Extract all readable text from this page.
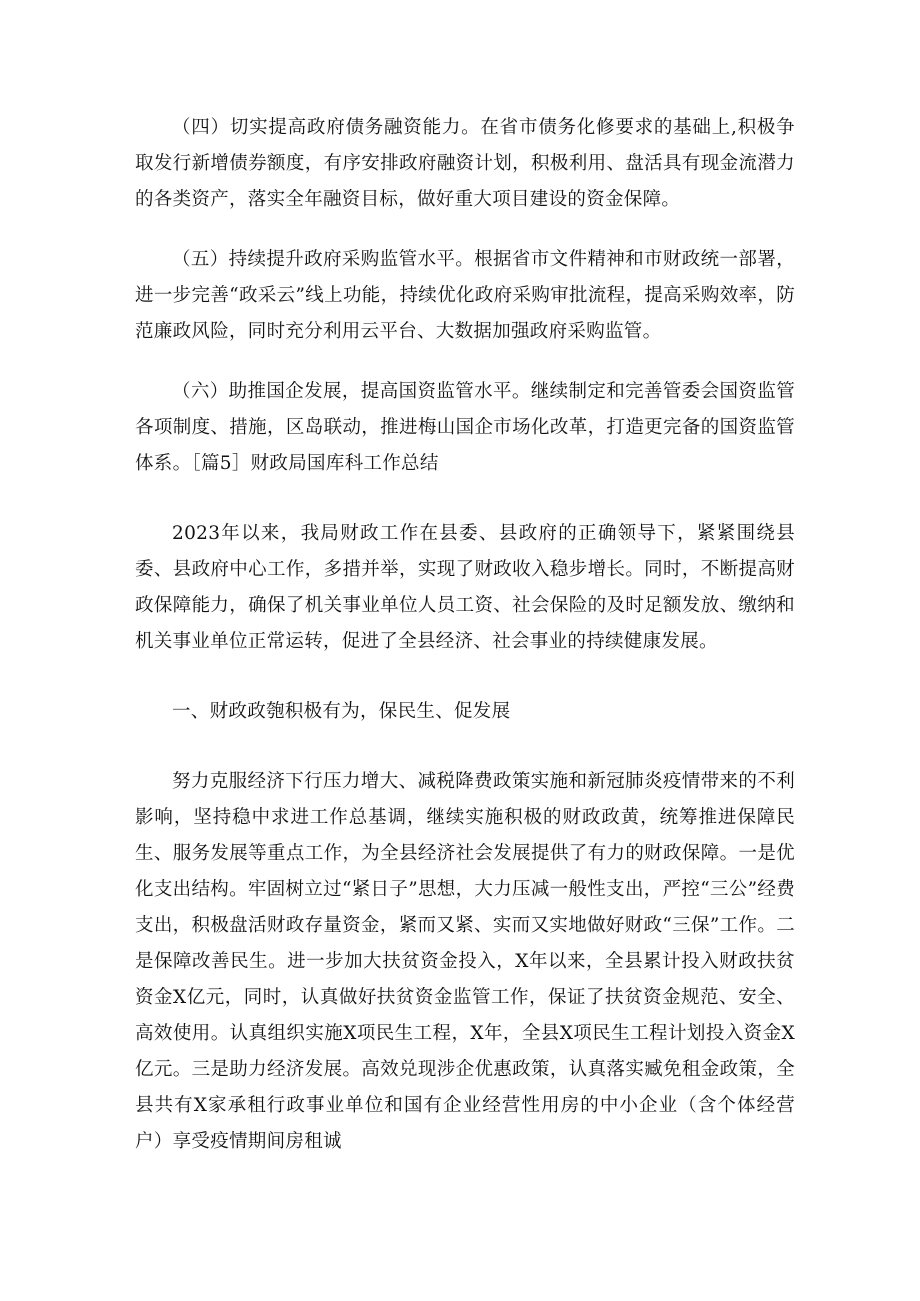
（四）切实提高政府债务融资能力。在省市债务化修要求的基础上,积极争取发行新增债券额度，有序安排政府融资计划，积极利用、盘活具有现金流潜力的各类资产，落实全年融资目标，做好重大项目建设的资金保障。

（五）持续提升政府采购监管水平。根据省市文件精神和市财政统一部署，进一步完善“政采云”线上功能，持续优化政府采购审批流程，提高采购效率，防范廉政风险，同时充分利用云平台、大数据加强政府采购监管。

（六）助推国企发展，提高国资监管水平。继续制定和完善管委会国资监管各项制度、措施，区岛联动，推进梅山国企市场化改革，打造更完备的国资监管体系。［篇5］财政局国库科工作总结

2023年以来，我局财政工作在县委、县政府的正确领导下，紧紧围绕县委、县政府中心工作，多措并举，实现了财政收入稳步增长。同时，不断提高财政保障能力，确保了机关事业单位人员工资、社会保险的及时足额发放、缴纳和机关事业单位正常运转，促进了全县经济、社会事业的持续健康发展。

一、财政政匏积极有为，保民生、促发展

努力克服经济下行压力增大、减税降费政策实施和新冠肺炎疫情带来的不利影响，坚持稳中求进工作总基调，继续实施积极的财政政黄，统筹推进保障民生、服务发展等重点工作，为全县经济社会发展提供了有力的财政保障。一是优化支出结构。牢固树立过“紧日子”思想，大力压减一般性支出，严控“三公”经费支出，积极盘活财政存量资金，紧而又紧、实而又实地做好财政“三保”工作。二是保障改善民生。进一步加大扶贫资金投入，X年以来，全县累计投入财政扶贫资金X亿元，同时，认真做好扶贫资金监管工作，保证了扶贫资金规范、安全、高效使用。认真组织实施X项民生工程，X年，全县X项民生工程计划投入资金X亿元。三是助力经济发展。高效兑现涉企优惠政策，认真落实臧免租金政策，全县共有X家承租行政事业单位和国有企业经营性用房的中小企业（含个体经营户）享受疫情期间房租诚
